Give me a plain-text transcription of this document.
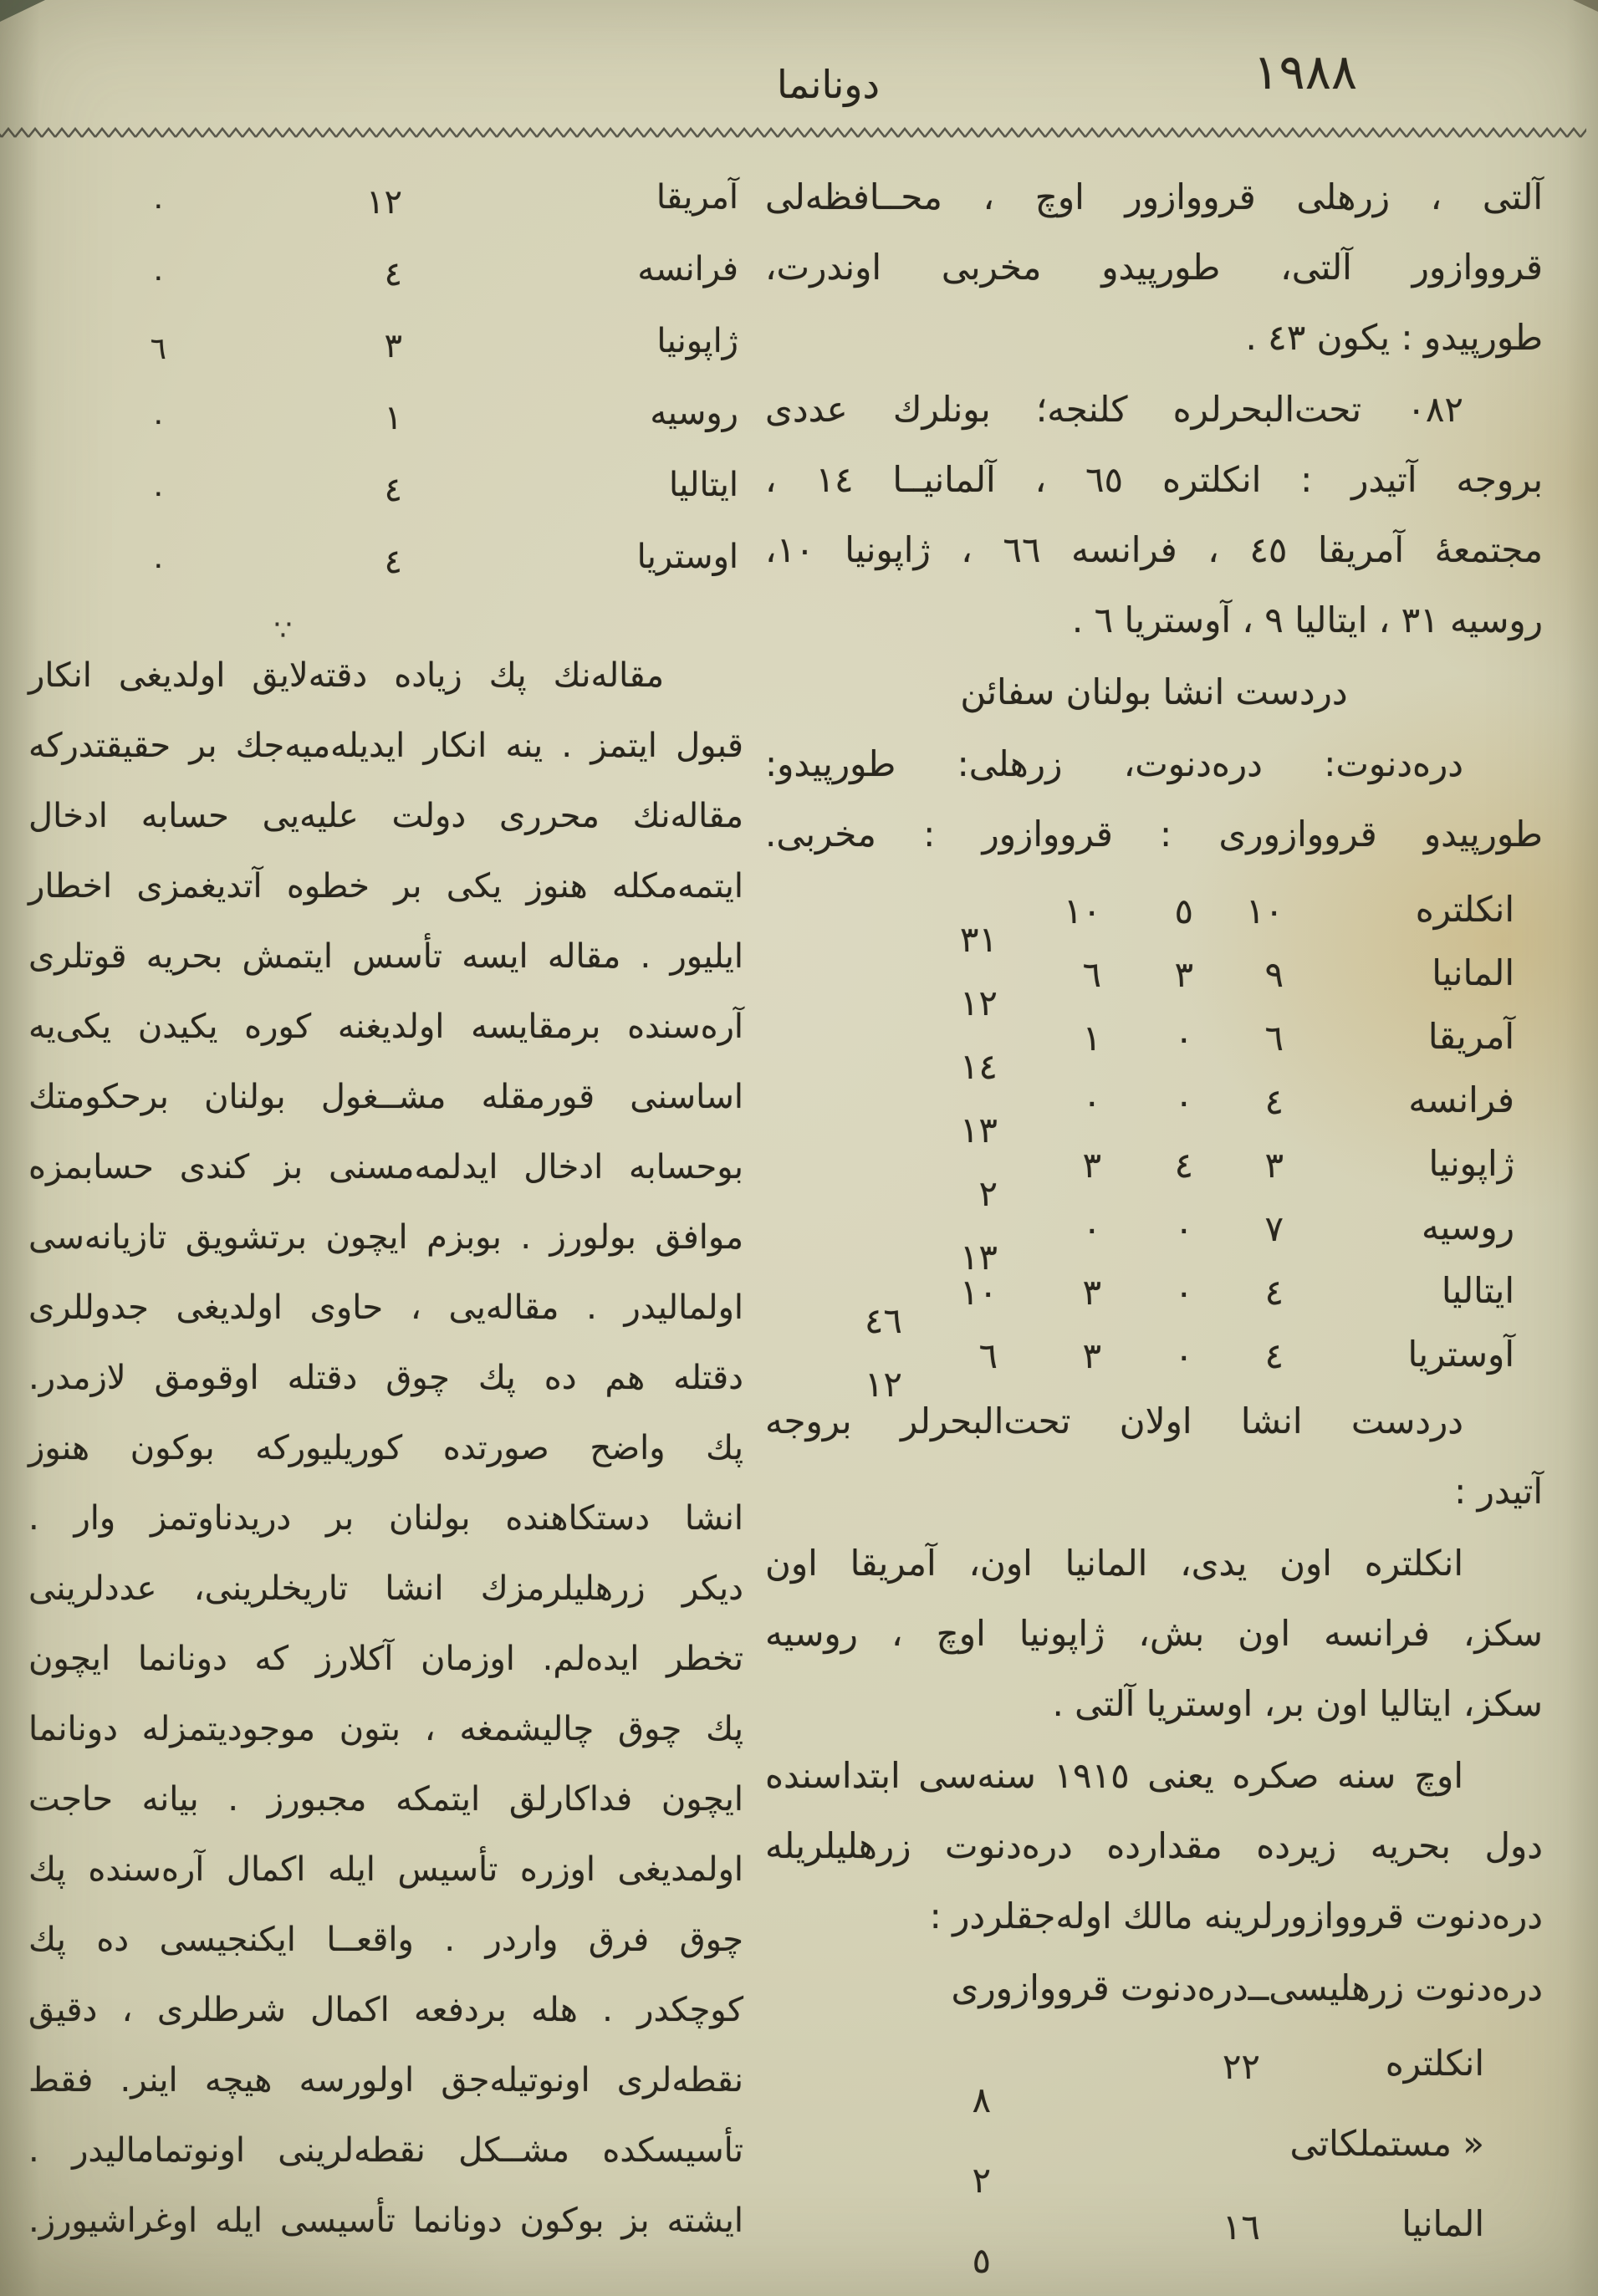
١٩٨٨
دونانما
آلتى ، زرهلى قرووازور اوچ ، محــافظه‌لى
قرووازور آلتى، طورپيدو مخربى اوندرت،
طورپيدو : يكون ٤٣ .
٠٨٢ تحت‌البحرلره كلنجه؛ بونلرك عددى
بروجه آتيدر : انكلتره ٦٥ ، آلمانيــا ١٤ ،
مجتمعهٔ آمريقا ٤٥ ، فرانسه ٦٦ ، ژاپونيا ١٠،
روسيه ٣١ ، ايتاليا ٩ ، آوستريا ٦ .
دردست انشا بولنان سفائن
دره‌دنوت: دره‌دنوت، زرهلى: طورپيدو:
طورپيدو قرووازورى : قرووازور : مخربى.
انكلتره
١٠
٥
١٠
٣١
المانيا
٩
٣
٦
١٢
آمريقا
٦
٠
١
١٤
فرانسه
٤
٠
٠
١٣
ژاپونيا
٣
٤
٣
٢
روسيه
٧
٠
٠
١٣
ايتاليا
٤
٠
٣
١٠
٤٦
آوستريا
٤
٠
٣
٦
١٢
دردست انشا اولان تحت‌البحرلر بروجه
آتيدر :
انكلتره اون يدى، المانيا اون، آمريقا اون
سكز، فرانسه اون بش، ژاپونيا اوچ ، روسيه
سكز، ايتاليا اون بر، اوستريا آلتى .
اوچ سنه صكره يعنى ١٩١٥ سنه‌سى ابتداسنده
دول بحريه زيرده مقدارده دره‌دنوت زرهليلريله
دره‌دنوت قرووازورلرينه مالك اوله‌جقلردر :
دره‌دنوت زرهليسى‌ــ‌دره‌دنوت قرووازورى
انكلتره
٢٢
٨
« مستملكاتى
٢
المانيا
١٦
٥
آمريقا
١٢
٠
فرانسه
٤
٠
ژاپونيا
٣
٦
روسيه
١
٠
ايتاليا
٤
٠
اوستريا
٤
٠
∵
مقاله‌نك پك زياده دقته‌لايق اولديغى انكار
قبول ايتمز . ينه انكار ايديله‌ميه‌جك بر حقيقتدركه
مقاله‌نك محررى دولت عليه‌يى حسابه ادخال
ايتمه‌مكله هنوز يكى بر خطوه آتديغمزى اخطار
ايليور . مقاله ايسه تأسس ايتمش بحريه قوتلرى
آره‌سنده برمقايسه اولديغنه كوره يكيدن يكى‌يه
اساسنى قورمقله مشــغول بولنان برحكومتك
بوحسابه ادخال ايدلمه‌مسنى بز كندى حسابمزه
موافق بولورز . بوبزم ايچون برتشويق تازيانه‌سى
اولماليدر . مقاله‌يى ، حاوى اولديغى جدوللرى
دقتله هم ده پك چوق دقتله اوقومق لازمدر.
پك واضح صورتده كوريليوركه بوكون هنوز
انشا دستكاهنده بولنان بر دريدناوتمز وار .
ديكر زرهليلرمزك انشا تاريخلرينى، عددلرينى
تخطر ايده‌لم. اوزمان آكلارز كه دونانما ايچون
پك چوق چاليشمغه ، بتون موجوديتمزله دونانما
ايچون فداكارلق ايتمكه مجبورز . بيانه حاجت
اولمديغى اوزره تأسيس ايله اكمال آره‌سنده پك
چوق فرق واردر . واقعــا ايكنجيسى ده پك
كوچكدر . هله بردفعه اكمال شرطلرى ، دقيق
نقطه‌لرى اونوتيله‌جق اولورسه هيچه اينر. فقط
تأسيسكده مشــكل نقطه‌لرينى اونوتماماليدر .
ايشته بز بوكون دونانما تأسيسى ايله اوغراشيورز.
